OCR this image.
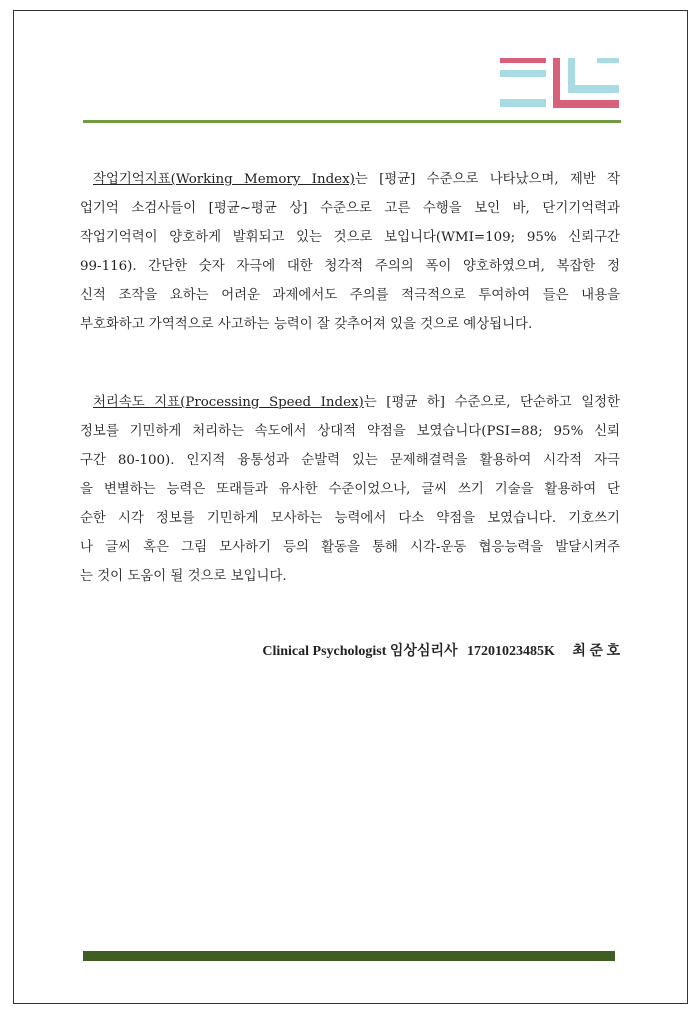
작업기억지표(Working Memory Index)는 [평균] 수준으로 나타났으며, 제반 작
업기억 소검사들이 [평균~평균 상] 수준으로 고른 수행을 보인 바, 단기기억력과
작업기억력이 양호하게 발휘되고 있는 것으로 보입니다(WMI=109; 95% 신뢰구간
99-116). 간단한 숫자 자극에 대한 청각적 주의의 폭이 양호하였으며, 복잡한 정
신적 조작을 요하는 어려운 과제에서도 주의를 적극적으로 투여하여 들은 내용을
부호화하고 가역적으로 사고하는 능력이 잘 갖추어져 있을 것으로 예상됩니다.
처리속도 지표(Processing Speed Index)는 [평균 하] 수준으로, 단순하고 일정한
정보를 기민하게 처리하는 속도에서 상대적 약점을 보였습니다(PSI=88; 95% 신뢰
구간 80-100). 인지적 융통성과 순발력 있는 문제해결력을 활용하여 시각적 자극
을 변별하는 능력은 또래들과 유사한 수준이었으나, 글씨 쓰기 기술을 활용하여 단
순한 시각 정보를 기민하게 모사하는 능력에서 다소 약점을 보였습니다. 기호쓰기
나 글씨 혹은 그림 모사하기 등의 활동을 통해 시각-운동 협응능력을 발달시켜주
는 것이 도움이 될 것으로 보입니다.
Clinical Psychologist 임상심리사 17201023485K 최 준 호
